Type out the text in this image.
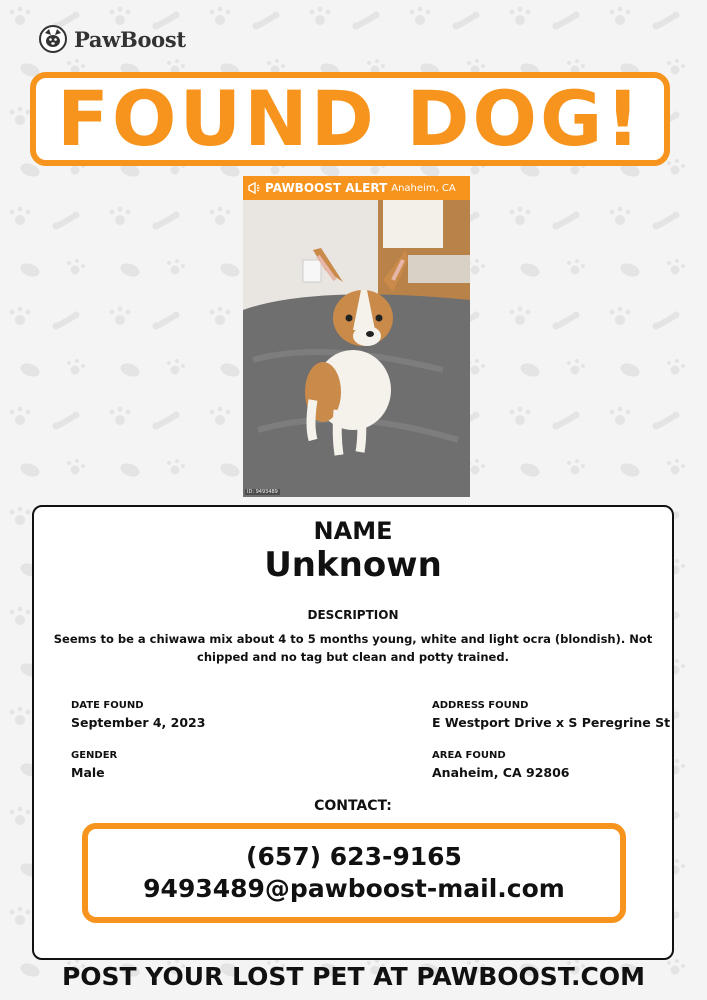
PawBoost
FOUND DOG!
PAWBOOST ALERT Anaheim, CA
ID: 9493489
NAME
Unknown
DESCRIPTION
Seems to be a chiwawa mix about 4 to 5 months young, white and light ocra (blondish). Not chipped and no tag but clean and potty trained.
DATE FOUND
September 4, 2023
ADDRESS FOUND
E Westport Drive x S Peregrine St
GENDER
Male
AREA FOUND
Anaheim, CA 92806
CONTACT:
(657) 623-9165
9493489@pawboost-mail.com
POST YOUR LOST PET AT PAWBOOST.COM
